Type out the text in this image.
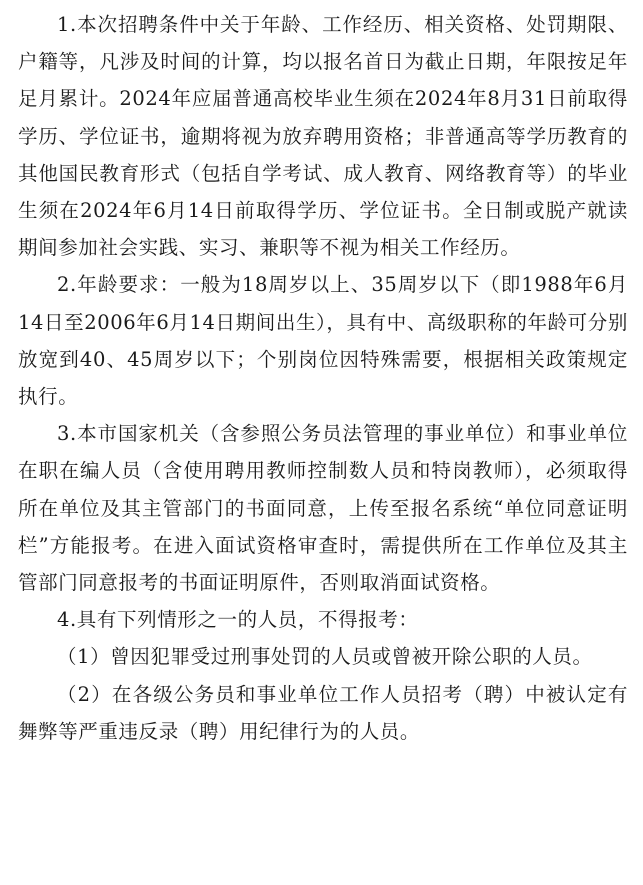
1.本次招聘条件中关于年龄、工作经历、相关资格、处罚期限、户籍等，凡涉及时间的计算，均以报名首日为截止日期，年限按足年足月累计。2024年应届普通高校毕业生须在2024年8月31日前取得学历、学位证书，逾期将视为放弃聘用资格；非普通高等学历教育的其他国民教育形式（包括自学考试、成人教育、网络教育等）的毕业生须在2024年6月14日前取得学历、学位证书。全日制或脱产就读期间参加社会实践、实习、兼职等不视为相关工作经历。

2.年龄要求：一般为18周岁以上、35周岁以下（即1988年6月14日至2006年6月14日期间出生），具有中、高级职称的年龄可分别放宽到40、45周岁以下；个别岗位因特殊需要，根据相关政策规定执行。

3.本市国家机关（含参照公务员法管理的事业单位）和事业单位在职在编人员（含使用聘用教师控制数人员和特岗教师），必须取得所在单位及其主管部门的书面同意，上传至报名系统“单位同意证明栏”方能报考。在进入面试资格审查时，需提供所在工作单位及其主管部门同意报考的书面证明原件，否则取消面试资格。

4.具有下列情形之一的人员，不得报考：

（1）曾因犯罪受过刑事处罚的人员或曾被开除公职的人员。

（2）在各级公务员和事业单位工作人员招考（聘）中被认定有舞弊等严重违反录（聘）用纪律行为的人员。
